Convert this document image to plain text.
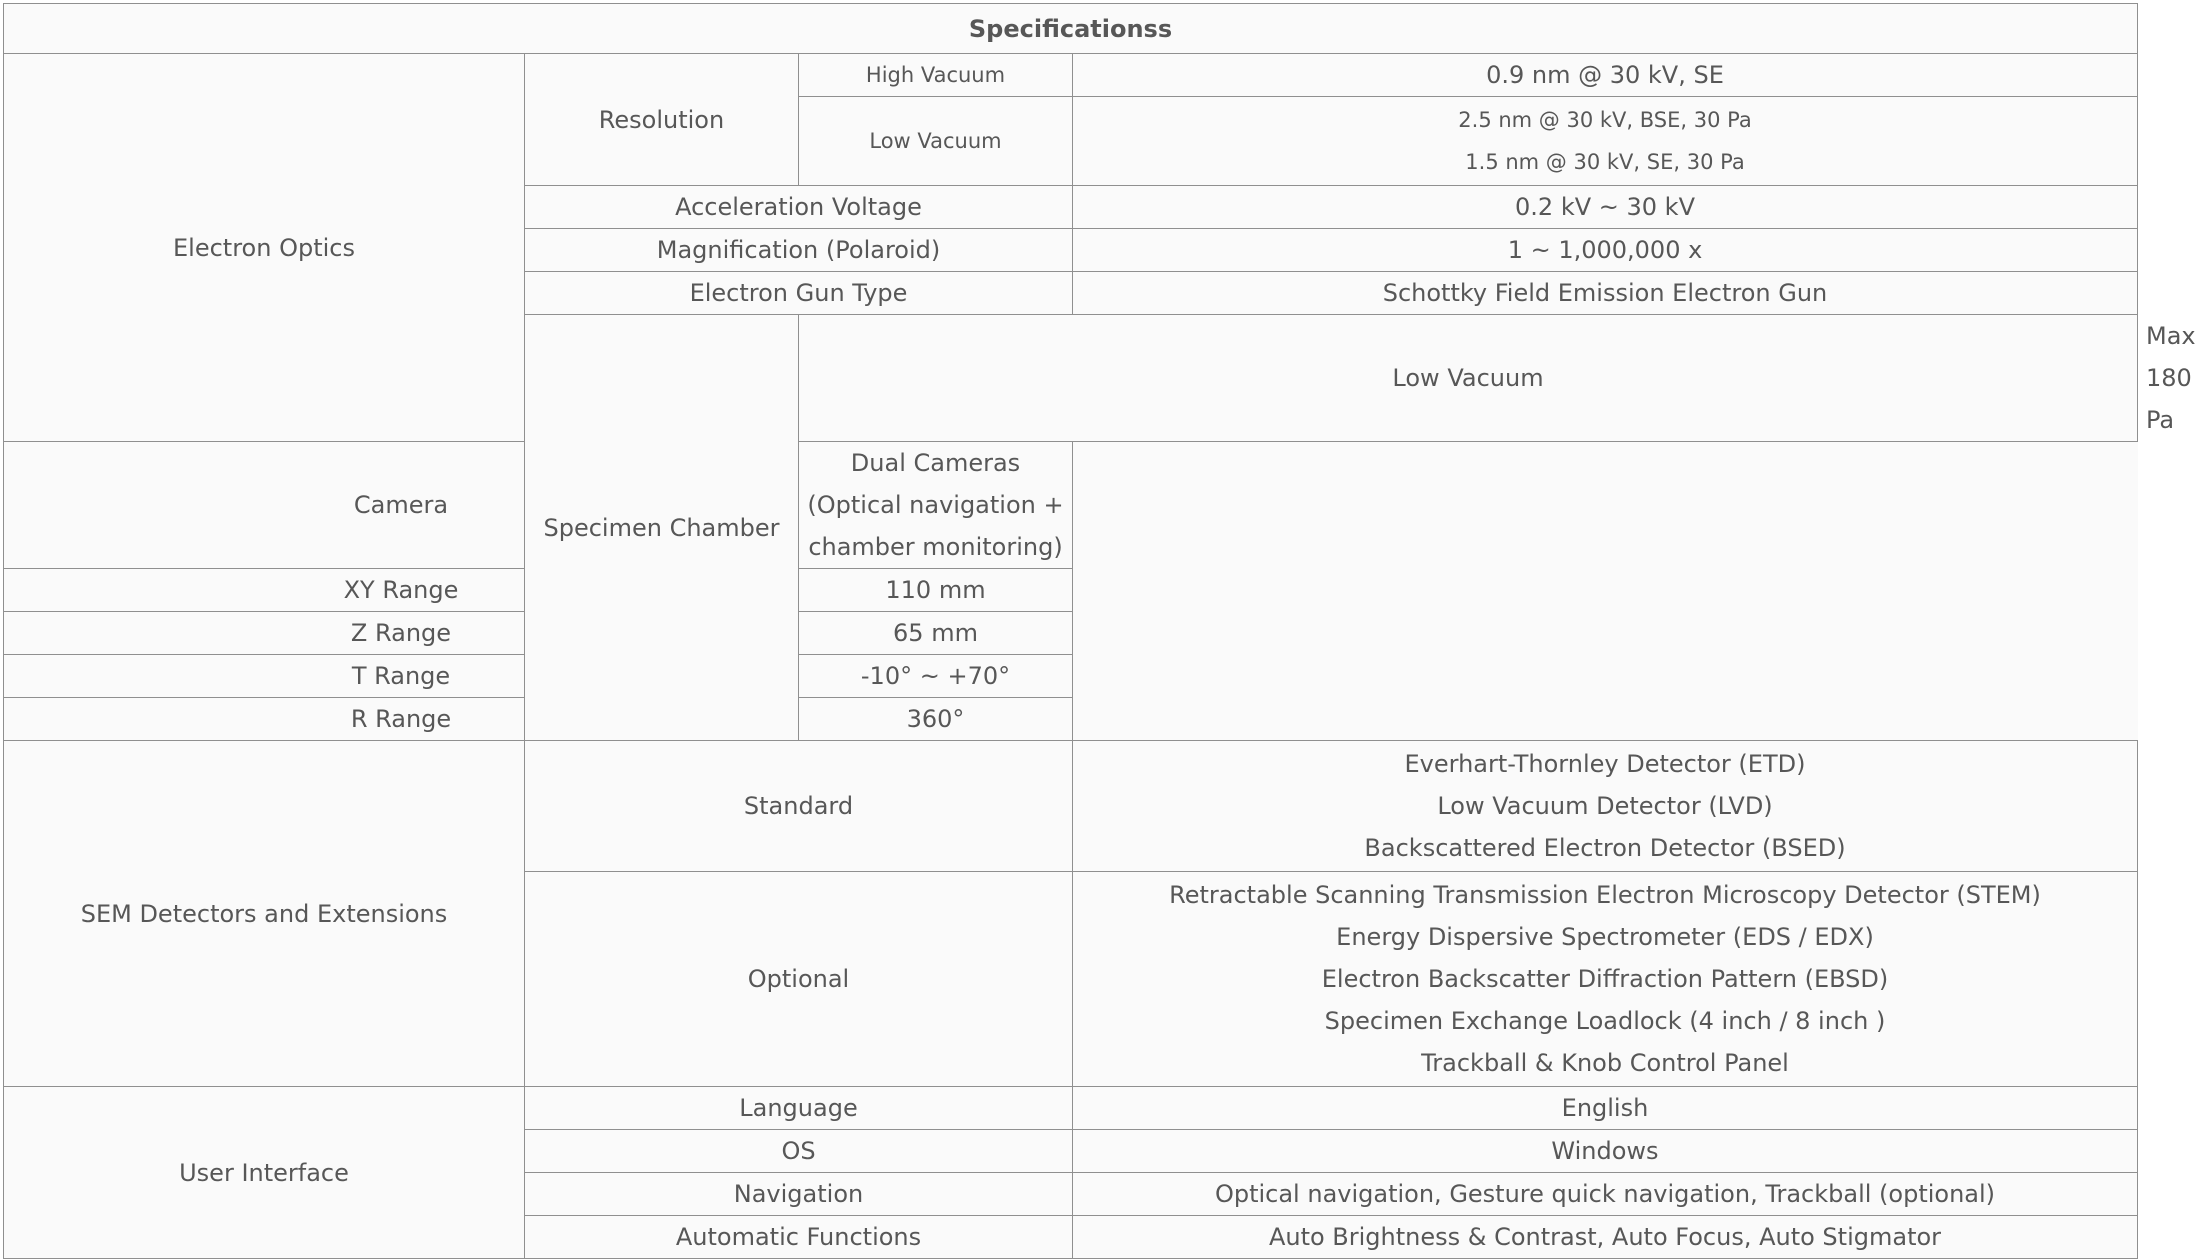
Specificationss				
Electron Optics	Resolution	High Vacuum	0.9 nm @ 30 kV, SE	
		Low Vacuum	2.5 nm @ 30 kV, BSE, 30 Pa
1.5 nm @ 30 kV, SE, 30 Pa	

	Acceleration Voltage		0.2 kV ~ 30 kV	
	Magnification (Polaroid)		1 ~ 1,000,000 x	
	Electron Gun Type		Schottky Field Emission Electron Gun	
	Specimen Chamber	Low Vacuum		Max 180 Pa
Camera		Dual Cameras (Optical navigation + chamber monitoring)		
XY Range		110 mm		
Z Range		65 mm		
T Range		-10° ~ +70°		
R Range		360°		
SEM Detectors and Extensions	Standard		Everhart-Thornley Detector (ETD)
Low Vacuum Detector (LVD)
Backscattered Electron Detector (BSED)	

	Optional		Retractable Scanning Transmission Electron Microscopy Detector (STEM)
Energy Dispersive Spectrometer (EDS / EDX)
Electron Backscatter Diffraction Pattern (EBSD)
Specimen Exchange Loadlock (4 inch / 8 inch )
Trackball & Knob Control Panel	

User Interface	Language		English	
	OS		Windows	
	Navigation		Optical navigation, Gesture quick navigation, Trackball (optional)	
	Automatic Functions		Auto Brightness & Contrast, Auto Focus, Auto Stigmator	
